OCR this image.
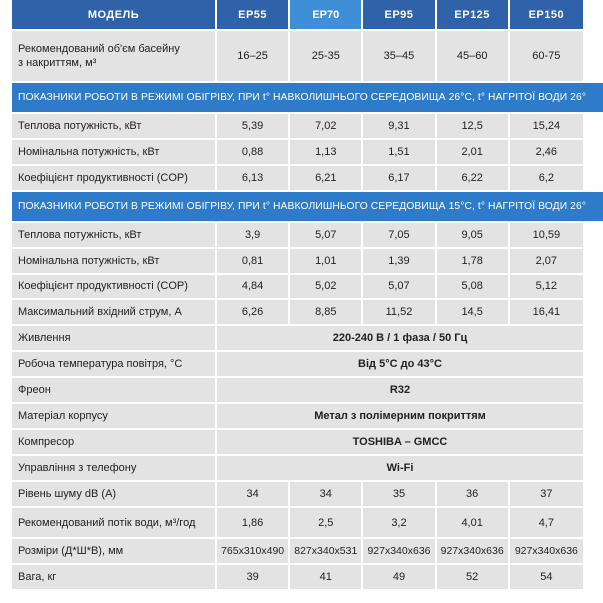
МОДЕЛЬ	EP55	EP70	EP95	EP125	EP150
Рекомендований об'єм басейну
з накриттям, м³
16–25	25-35	35–45	45–60	60-75
ПОКАЗНИКИ РОБОТИ В РЕЖИМІ ОБІГРІВУ, ПРИ t° НАВКОЛИШНЬОГО СЕРЕДОВИЩА 26°C, t° НАГРІТОЇ ВОДИ 26°
Теплова потужність, кВт	5,39	7,02	9,31	12,5	15,24
Номінальна потужність, кВт	0,88	1,13	1,51	2,01	2,46
Коефіцієнт продуктивності (COP)	6,13	6,21	6,17	6,22	6,2
ПОКАЗНИКИ РОБОТИ В РЕЖИМІ ОБІГРІВУ, ПРИ t° НАВКОЛИШНЬОГО СЕРЕДОВИЩА 15°C, t° НАГРІТОЇ ВОДИ 26°
Теплова потужність, кВт	3,9	5,07	7,05	9,05	10,59
Номінальна потужність, кВт	0,81	1,01	1,39	1,78	2,07
Коефіцієнт продуктивності (COP)	4,84	5,02	5,07	5,08	5,12
Максимальний вхідний струм, А	6,26	8,85	11,52	14,5	16,41
Живлення	220-240 В / 1 фаза / 50 Гц
Робоча температура повітря, °C	Від 5°C до 43°C
Фреон	R32
Матеріал корпусу	Метал з полімерним покриттям
Компресор	TOSHIBA – GMCC
Управління з телефону	Wi-Fi
Рівень шуму dB (A)	34	34	35	36	37
Рекомендований потік води, м³/год	1,86	2,5	3,2	4,01	4,7
Розміри (Д*Ш*В), мм	765x310x490 827x340x531 927x340x636 927x340x636	927x340x636
Вага, кг	39	41	49	52	54
